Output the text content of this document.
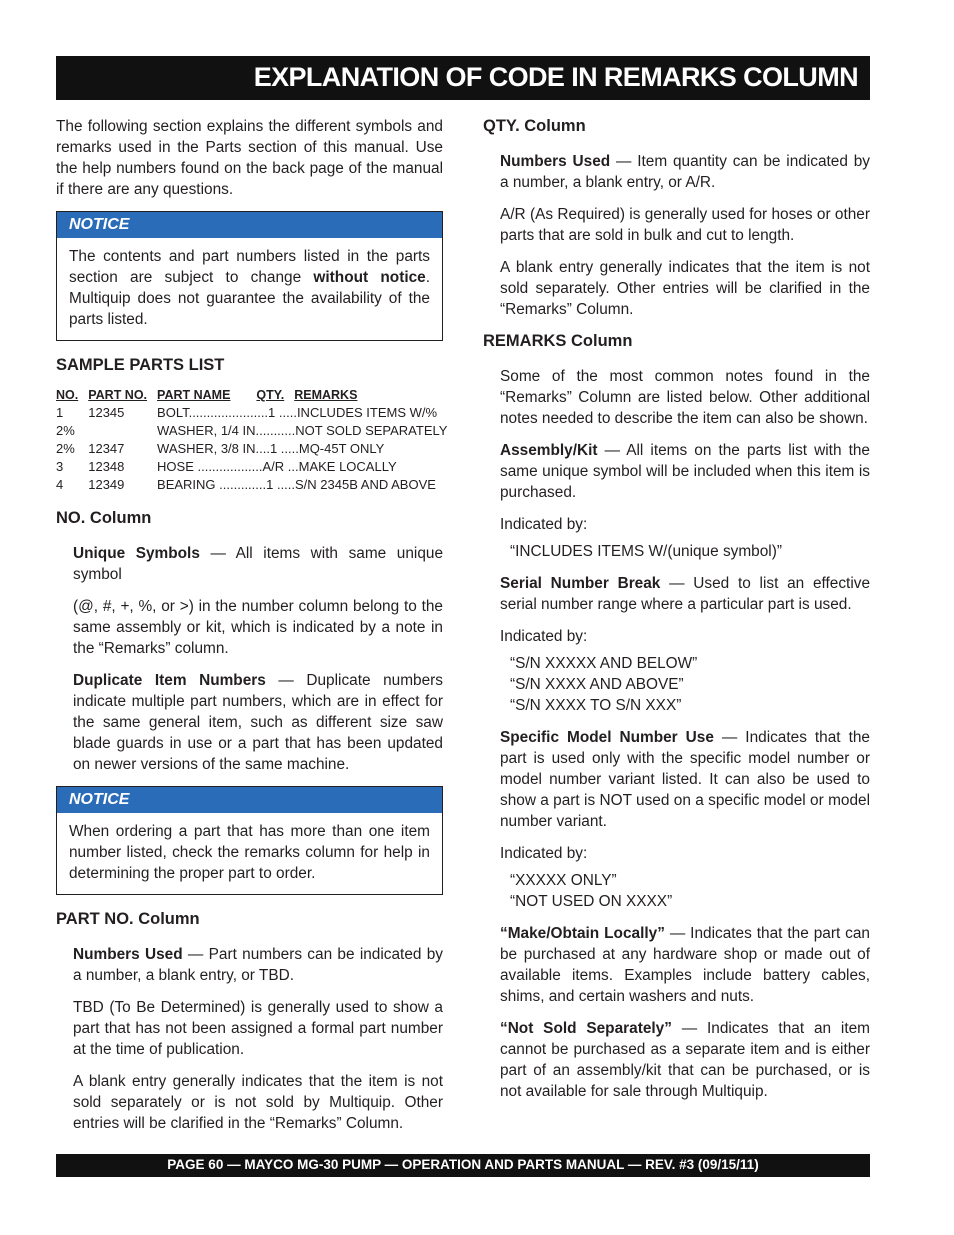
EXPLANATION OF CODE IN REMARKS COLUMN

The following section explains the different symbols and remarks used in the Parts section of this manual. Use the help numbers found on the back page of the manual if there are any questions.

NOTICE
The contents and part numbers listed in the parts section are subject to change without notice. Multiquip does not guarantee the availability of the parts listed.
SAMPLE PARTS LIST
NO.	PART NO.	PART NAME QTY. REMARKS
1	12345	BOLT......................1 .....INCLUDES ITEMS W/%
2%		WASHER, 1/4 IN...........NOT SOLD SEPARATELY
2%	12347	WASHER, 3/8 IN....1 .....MQ-45T ONLY
3	12348	HOSE ..................A/R ...MAKE LOCALLY
4	12349	BEARING .............1 .....S/N 2345B AND ABOVE
NO. Column

Unique Symbols — All items with same unique symbol

(@, #, +, %, or >) in the number column belong to the same assembly or kit, which is indicated by a note in the “Remarks” column.

Duplicate Item Numbers — Duplicate numbers indicate multiple part numbers, which are in effect for the same general item, such as different size saw blade guards in use or a part that has been updated on newer versions of the same machine.

NOTICE
When ordering a part that has more than one item number listed, check the remarks column for help in determining the proper part to order.
PART NO. Column

Numbers Used — Part numbers can be indicated by a number, a blank entry, or TBD.

TBD (To Be Determined) is generally used to show a part that has not been assigned a formal part number at the time of publication.

A blank entry generally indicates that the item is not sold separately or is not sold by Multiquip. Other entries will be clarified in the “Remarks” Column.

QTY. Column

Numbers Used — Item quantity can be indicated by a number, a blank entry, or A/R.

A/R (As Required) is generally used for hoses or other parts that are sold in bulk and cut to length.

A blank entry generally indicates that the item is not sold separately. Other entries will be clarified in the “Remarks” Column.

REMARKS Column

Some of the most common notes found in the “Remarks” Column are listed below. Other additional notes needed to describe the item can also be shown.

Assembly/Kit — All items on the parts list with the same unique symbol will be included when this item is purchased.

Indicated by:

“INCLUDES ITEMS W/(unique symbol)”

Serial Number Break — Used to list an effective serial number range where a particular part is used.

Indicated by:

“S/N XXXXX AND BELOW”

“S/N XXXX AND ABOVE”

“S/N XXXX TO S/N XXX”

Specific Model Number Use — Indicates that the part is used only with the specific model number or model number variant listed. It can also be used to show a part is NOT used on a specific model or model number variant.

Indicated by:

“XXXXX ONLY”

“NOT USED ON XXXX”

“Make/Obtain Locally” — Indicates that the part can be purchased at any hardware shop or made out of available items. Examples include battery cables, shims, and certain washers and nuts.

“Not Sold Separately” — Indicates that an item cannot be purchased as a separate item and is either part of an assembly/kit that can be purchased, or is not available for sale through Multiquip.

PAGE 60 — MAYCO MG-30 PUMP — OPERATION AND PARTS MANUAL — REV. #3 (09/15/11)
